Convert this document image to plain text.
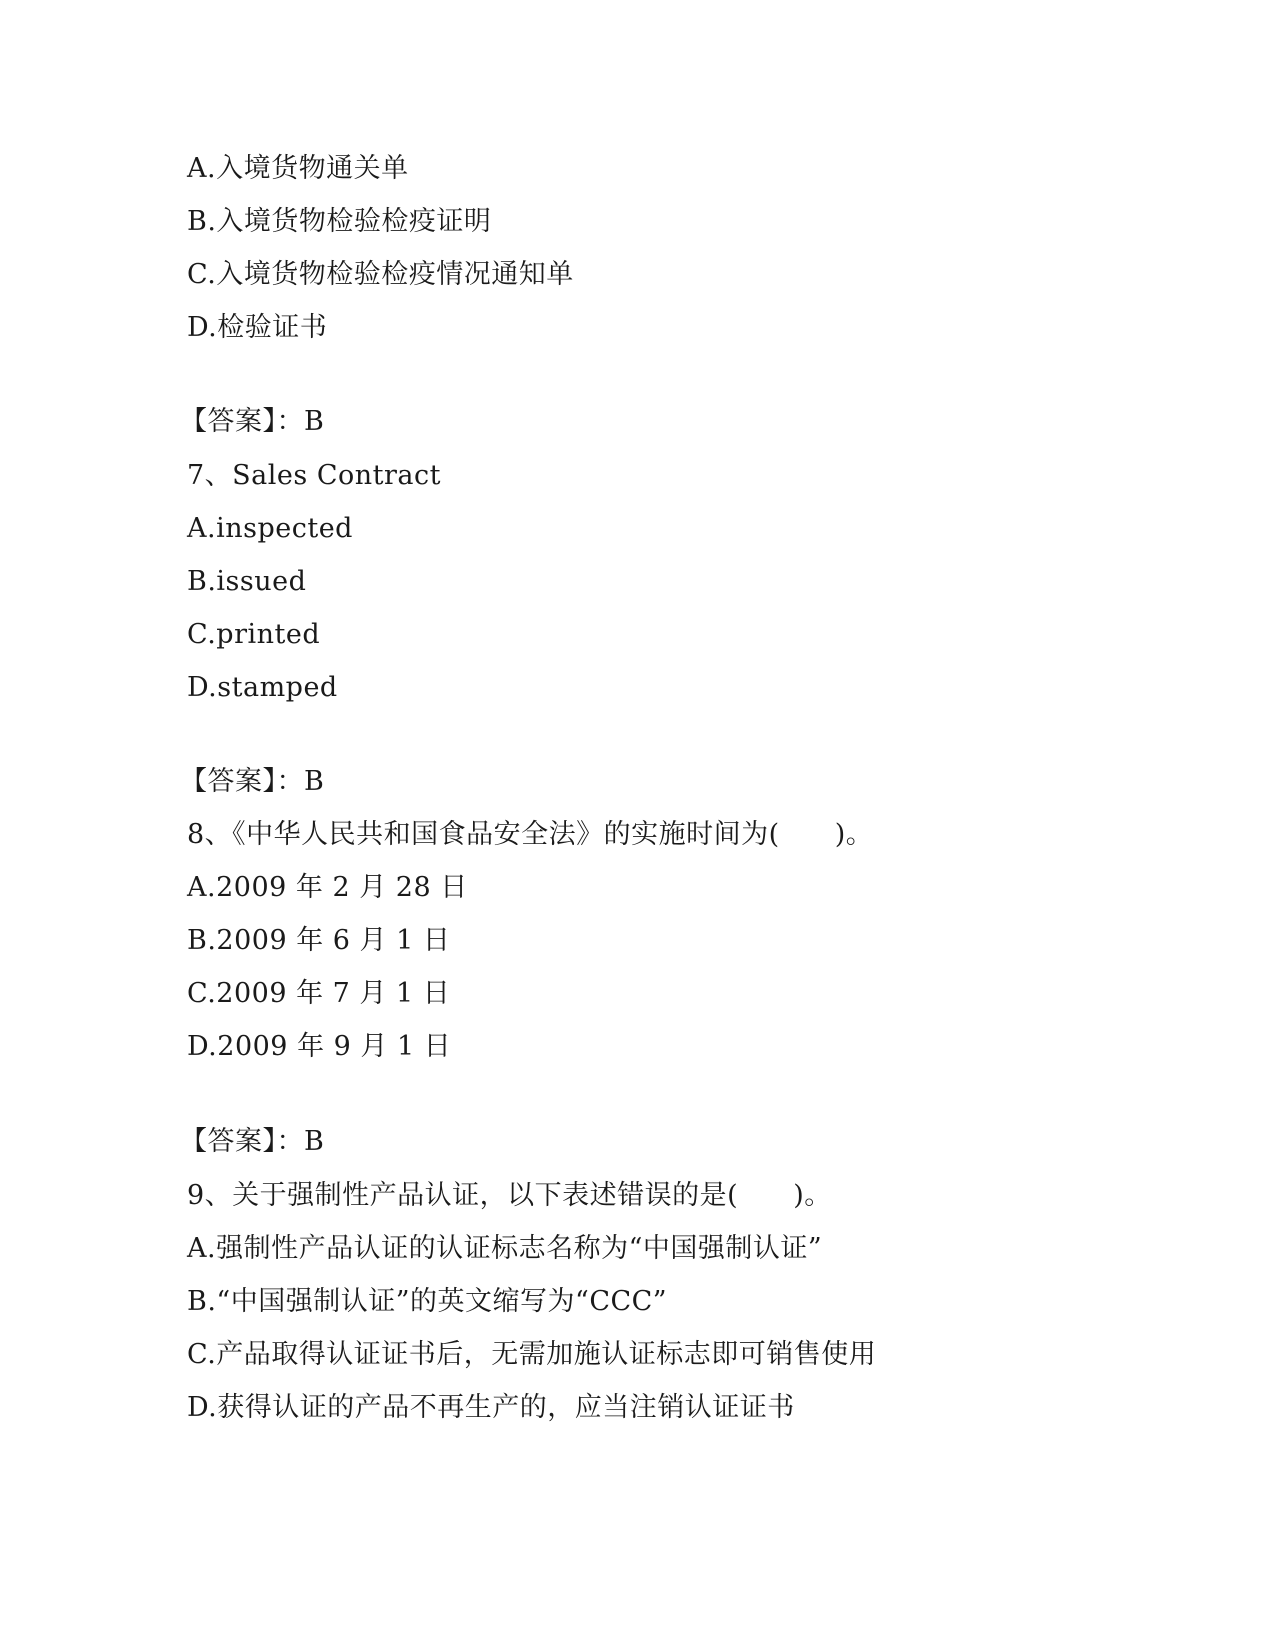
A.入境货物通关单
B.入境货物检验检疫证明
C.入境货物检验检疫情况通知单
D.检验证书
【答案】：B
7、Sales Contract
A.inspected
B.issued
C.printed
D.stamped
【答案】：B
8、《中华人民共和国食品安全法》的实施时间为(　　)。
A.2009 年 2 月 28 日
B.2009 年 6 月 1 日
C.2009 年 7 月 1 日
D.2009 年 9 月 1 日
【答案】：B
9、关于强制性产品认证，以下表述错误的是(　　)。
A.强制性产品认证的认证标志名称为“中国强制认证”
B.“中国强制认证”的英文缩写为“CCC”
C.产品取得认证证书后，无需加施认证标志即可销售使用
D.获得认证的产品不再生产的，应当注销认证证书
